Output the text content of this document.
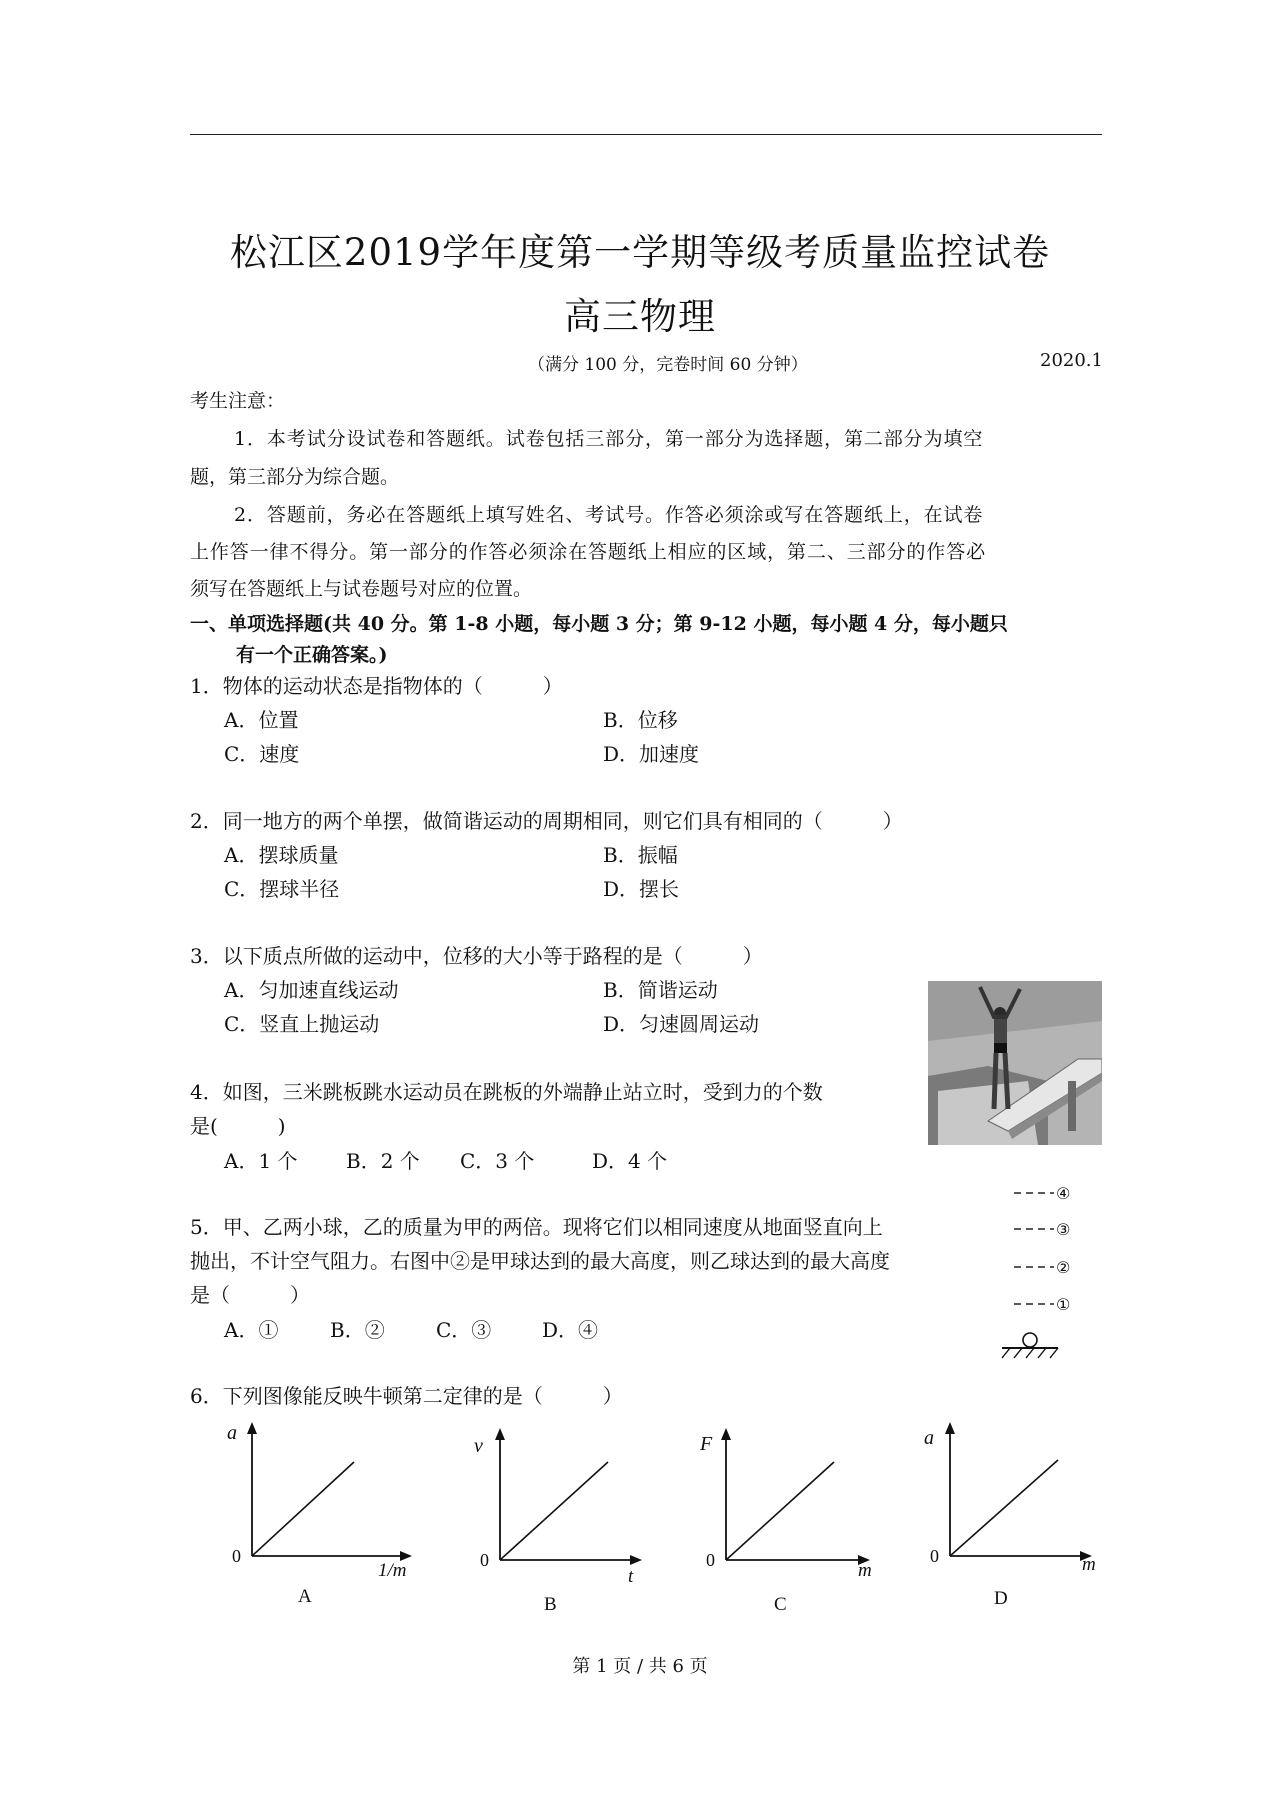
松江区2019学年度第一学期等级考质量监控试卷
高三物理
（满分 100 分，完卷时间 60 分钟）	2020.1
考生注意：
1．本考试分设试卷和答题纸。试卷包括三部分，第一部分为选择题，第二部分为填空
题，第三部分为综合题。
2．答题前，务必在答题纸上填写姓名、考试号。作答必须涂或写在答题纸上，在试卷
上作答一律不得分。第一部分的作答必须涂在答题纸上相应的区域，第二、三部分的作答必
须写在答题纸上与试卷题号对应的位置。
一、单项选择题(共 40 分。第 1-8 小题，每小题 3 分；第 9-12 小题，每小题 4 分，每小题只
有一个正确答案。)
1．物体的运动状态是指物体的（　　　）
A．位置	B．位移
C．速度	D．加速度
2．同一地方的两个单摆，做简谐运动的周期相同，则它们具有相同的（　　　）
A．摆球质量	B．振幅
C．摆球半径	D．摆长
3．以下质点所做的运动中，位移的大小等于路程的是（　　　）
A．匀加速直线运动	B．简谐运动
C．竖直上抛运动	D．匀速圆周运动
4．如图，三米跳板跳水运动员在跳板的外端静止站立时，受到力的个数
是(　　　)
A．1 个 B．2 个 C．3 个	D．4 个
5．甲、乙两小球，乙的质量为甲的两倍。现将它们以相同速度从地面竖直向上
抛出，不计空气阻力。右图中②是甲球达到的最大高度，则乙球达到的最大高度
是（　　　）
A．①	B．②	C．③	D．④
④
③
②
①
6．下列图像能反映牛顿第二定律的是（　　　）
a
0
1/m
A
v
0
t
B
F
0	m
C
a
0	m
D
第 1 页 / 共 6 页
